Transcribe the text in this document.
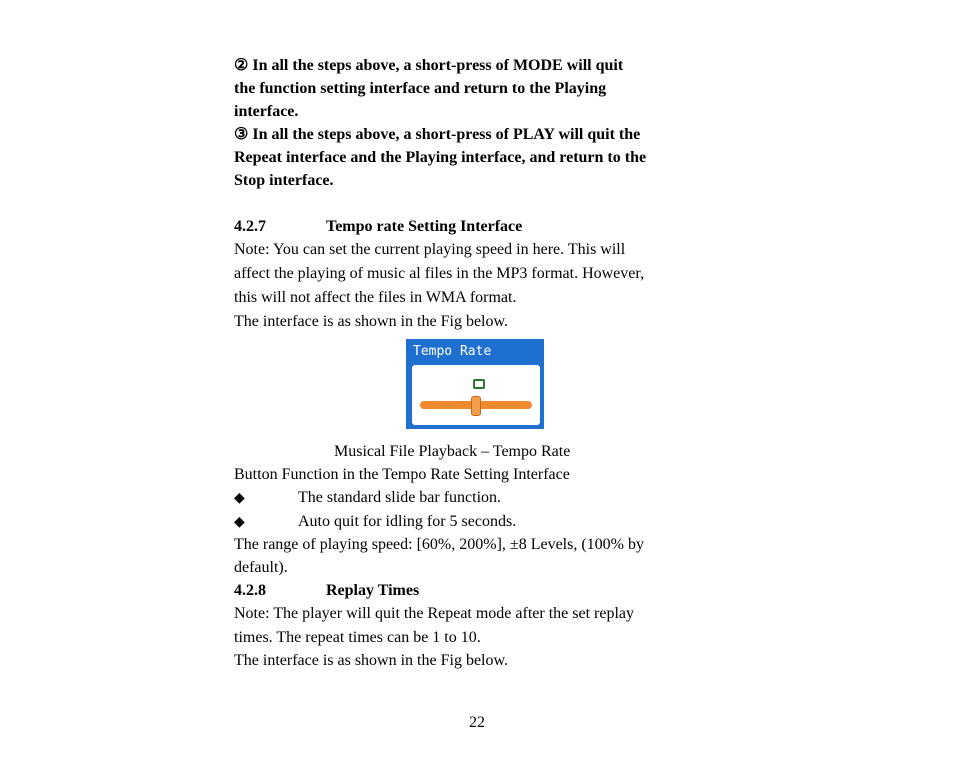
② In all the steps above, a short-press of MODE will quit
the function setting interface and return to the Playing
interface.
③ In all the steps above, a short-press of PLAY will quit the
Repeat interface and the Playing interface, and return to the
Stop interface.
4.2.7	Tempo rate Setting Interface
Note: You can set the current playing speed in here. This will
affect the playing of music al files in the MP3 format. However,
this will not affect the files in WMA format.
The interface is as shown in the Fig below.
Tempo Rate
Musical File Playback – Tempo Rate
Button Function in the Tempo Rate Setting Interface
◆	The standard slide bar function.
◆	Auto quit for idling for 5 seconds.
The range of playing speed: [60%, 200%], ±8 Levels, (100% by
default).
4.2.8	Replay Times
Note: The player will quit the Repeat mode after the set replay
times. The repeat times can be 1 to 10.
The interface is as shown in the Fig below.
22
